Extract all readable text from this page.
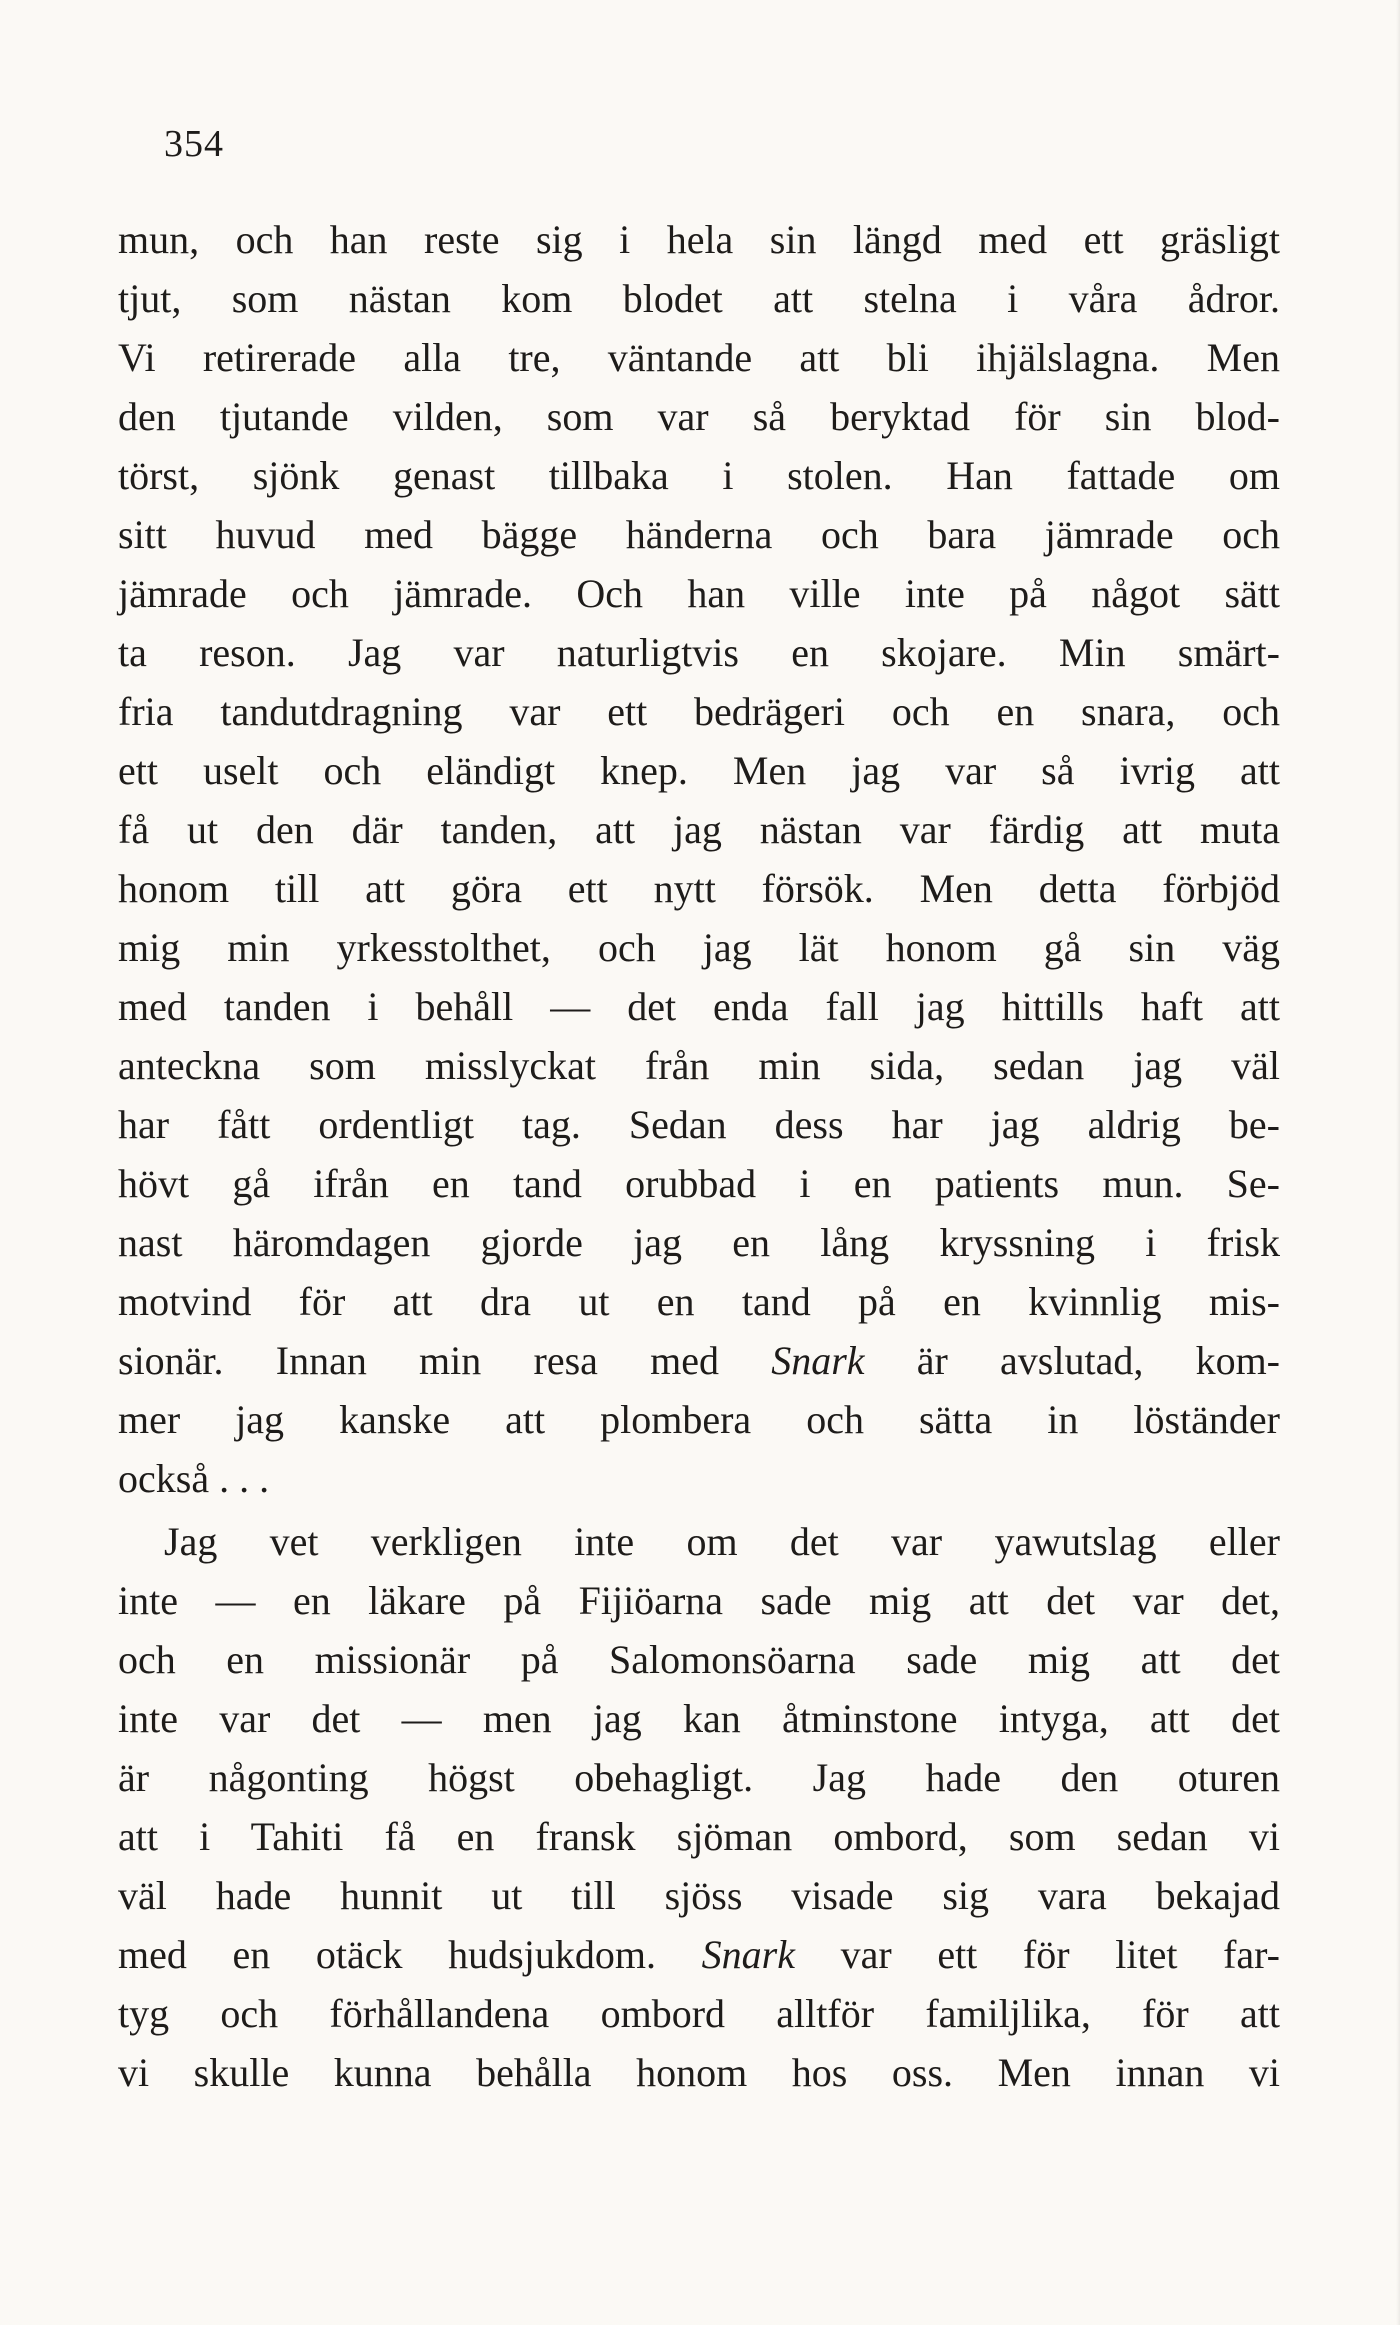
354
mun, och han reste sig i hela sin längd med ett gräsligt
tjut, som nästan kom blodet att stelna i våra ådror.
Vi retirerade alla tre, väntande att bli ihjälslagna. Men
den tjutande vilden, som var så beryktad för sin blod-
törst, sjönk genast tillbaka i stolen. Han fattade om
sitt huvud med bägge händerna och bara jämrade och
jämrade och jämrade. Och han ville inte på något sätt
ta reson. Jag var naturligtvis en skojare. Min smärt-
fria tandutdragning var ett bedrägeri och en snara, och
ett uselt och eländigt knep. Men jag var så ivrig att
få ut den där tanden, att jag nästan var färdig att muta
honom till att göra ett nytt försök. Men detta förbjöd
mig min yrkesstolthet, och jag lät honom gå sin väg
med tanden i behåll — det enda fall jag hittills haft att
anteckna som misslyckat från min sida, sedan jag väl
har fått ordentligt tag. Sedan dess har jag aldrig be-
hövt gå ifrån en tand orubbad i en patients mun. Se-
nast häromdagen gjorde jag en lång kryssning i frisk
motvind för att dra ut en tand på en kvinnlig mis-
sionär. Innan min resa med Snark är avslutad, kom-
mer jag kanske att plombera och sätta in löständer
också . . .
Jag vet verkligen inte om det var yawutslag eller
inte — en läkare på Fijiöarna sade mig att det var det,
och en missionär på Salomonsöarna sade mig att det
inte var det — men jag kan åtminstone intyga, att det
är någonting högst obehagligt. Jag hade den oturen
att i Tahiti få en fransk sjöman ombord, som sedan vi
väl hade hunnit ut till sjöss visade sig vara bekajad
med en otäck hudsjukdom. Snark var ett för litet far-
tyg och förhållandena ombord alltför familjlika, för att
vi skulle kunna behålla honom hos oss. Men innan vi
